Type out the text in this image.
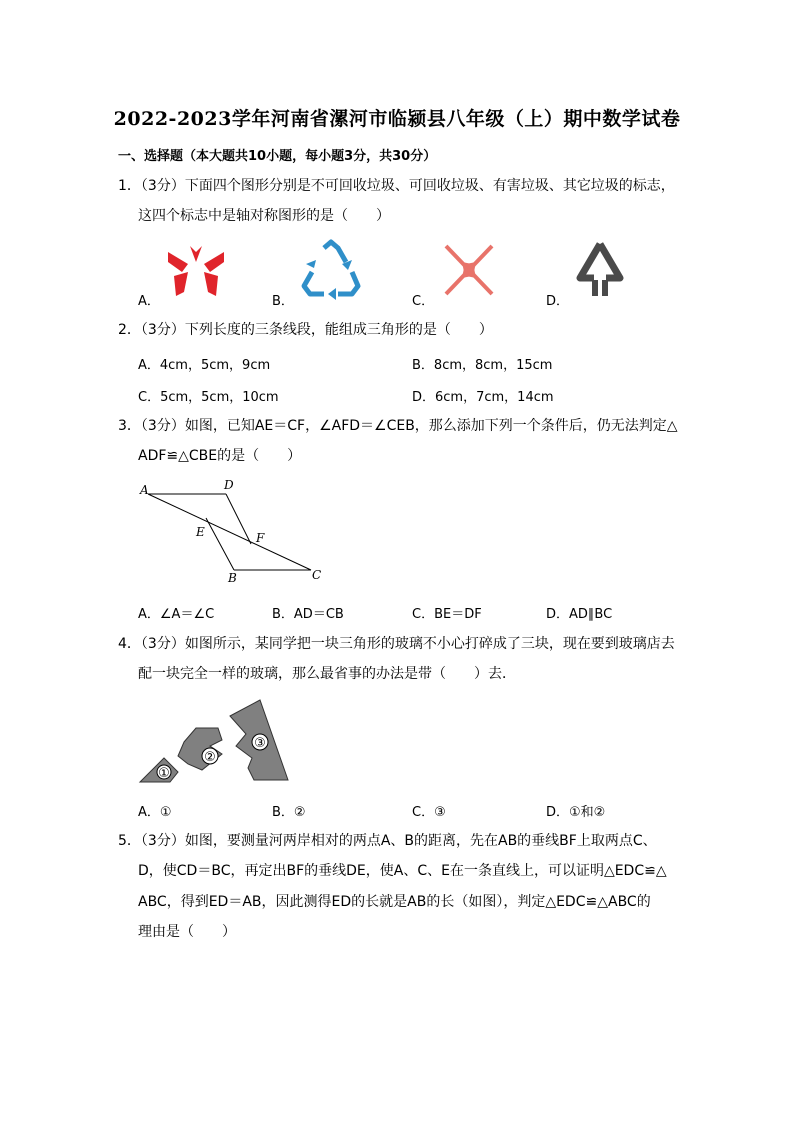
2022-2023学年河南省漯河市临颍县八年级（上）期中数学试卷
一、选择题（本大题共10小题，每小题3分，共30分）
1．（3分）下面四个图形分别是不可回收垃圾、可回收垃圾、有害垃圾、其它垃圾的标志，
这四个标志中是轴对称图形的是（　　）
A．	B．	C．	D．
2．（3分）下列长度的三条线段，能组成三角形的是（　　）
A．4cm，5cm，9cm	B．8cm，8cm，15cm
C．5cm，5cm，10cm	D．6cm，7cm，14cm
3．（3分）如图，已知AE＝CF，∠AFD＝∠CEB，那么添加下列一个条件后，仍无法判定△
ADF≌△CBE的是（　　）
A	D
E	F
B	C
A．∠A＝∠C	B．AD＝CB	C．BE＝DF	D．AD∥BC
4．（3分）如图所示，某同学把一块三角形的玻璃不小心打碎成了三块，现在要到玻璃店去
配一块完全一样的玻璃，那么最省事的办法是带（　　）去．
①
②
③
A．①	B．②	C．③	D．①和②
5．（3分）如图，要测量河两岸相对的两点A、B的距离，先在AB的垂线BF上取两点C、
D，使CD＝BC，再定出BF的垂线DE，使A、C、E在一条直线上，可以证明△EDC≌△
ABC，得到ED＝AB，因此测得ED的长就是AB的长（如图），判定△EDC≌△ABC的
理由是（　　）
